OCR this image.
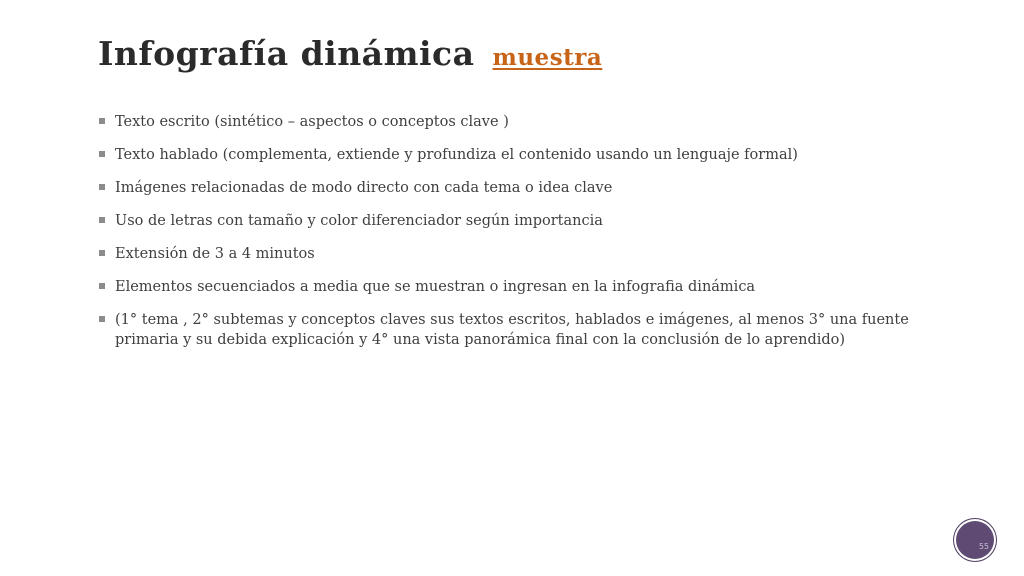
Infografía dinámica muestra
Texto escrito (sintético – aspectos o conceptos clave )
Texto hablado (complementa, extiende y profundiza el contenido usando un lenguaje formal)
Imágenes relacionadas de modo directo con cada tema o idea clave
Uso de letras con tamaño y color diferenciador según importancia
Extensión de 3 a 4 minutos
Elementos secuenciados a media que se muestran o ingresan en la infografia dinámica
(1° tema , 2° subtemas y conceptos claves sus textos escritos, hablados e imágenes, al menos 3° una fuente primaria y su debida explicación y 4° una vista panorámica final con la conclusión de lo aprendido)
55
